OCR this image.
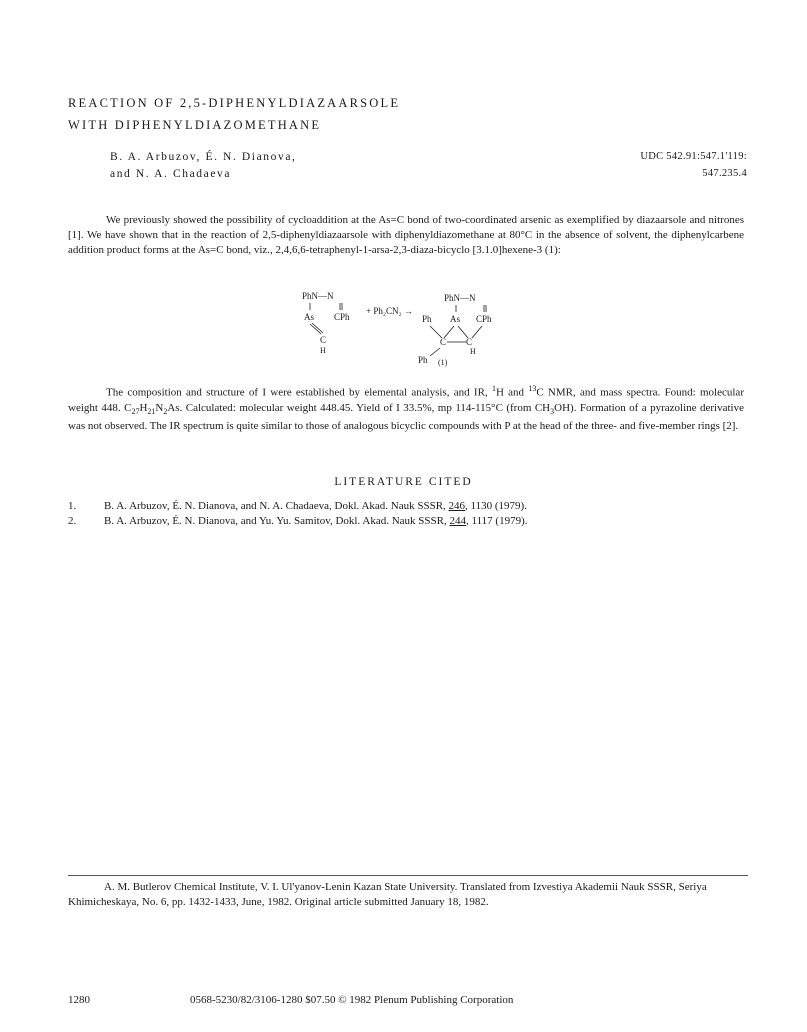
REACTION OF 2,5-DIPHENYLDIAZAARSOLE
WITH DIPHENYLDIAZOMETHANE
B. A. Arbuzov, É. N. Dianova,
and N. A. Chadaeva
UDC 542.91:547.1'119:
547.235.4

We previously showed the possibility of cycloaddition at the As=C bond of two-coordinated arsenic as exemplified by diazaarsole and nitrones [1]. We have shown that in the reaction of 2,5-diphenyldiazaarsole with diphenyldiazomethane at 80°C in the absence of solvent, the diphenylcarbene addition product forms at the As=C bond, viz., 2,4,6,6-tetraphenyl-1-arsa-2,3-diaza-bicyclo [3.1.0]hexene-3 (1):

PhN—N
As CPh
C
H
+ Ph₂CN₂ →
PhN—N
Ph As CPh
C C
H
Ph (1)

The composition and structure of I were established by elemental analysis, and IR, $^1$H and $^{13}$C NMR, and mass spectra. Found: molecular weight 448. $C_{27}H_{21}N_2As$. Calculated: molecular weight 448.45. Yield of I 33.5%, mp 114-115°C (from $CH_3OH$). Formation of a pyrazoline derivative was not observed. The IR spectrum is quite similar to those of analogous bicyclic compounds with P at the head of the three- and five-member rings [2].

LITERATURE CITED
1.	B. A. Arbuzov, É. N. Dianova, and N. A. Chadaeva, Dokl. Akad. Nauk SSSR, 246, 1130 (1979).
2.	B. A. Arbuzov, É. N. Dianova, and Yu. Yu. Samitov, Dokl. Akad. Nauk SSSR, 244, 1117 (1979).

A. M. Butlerov Chemical Institute, V. I. Ul'yanov-Lenin Kazan State University. Translated from Izvestiya Akademii Nauk SSSR, Seriya Khimicheskaya, No. 6, pp. 1432-1433, June, 1982. Original article submitted January 18, 1982.

1280	0568-5230/82/3106-1280 $07.50 © 1982 Plenum Publishing Corporation
